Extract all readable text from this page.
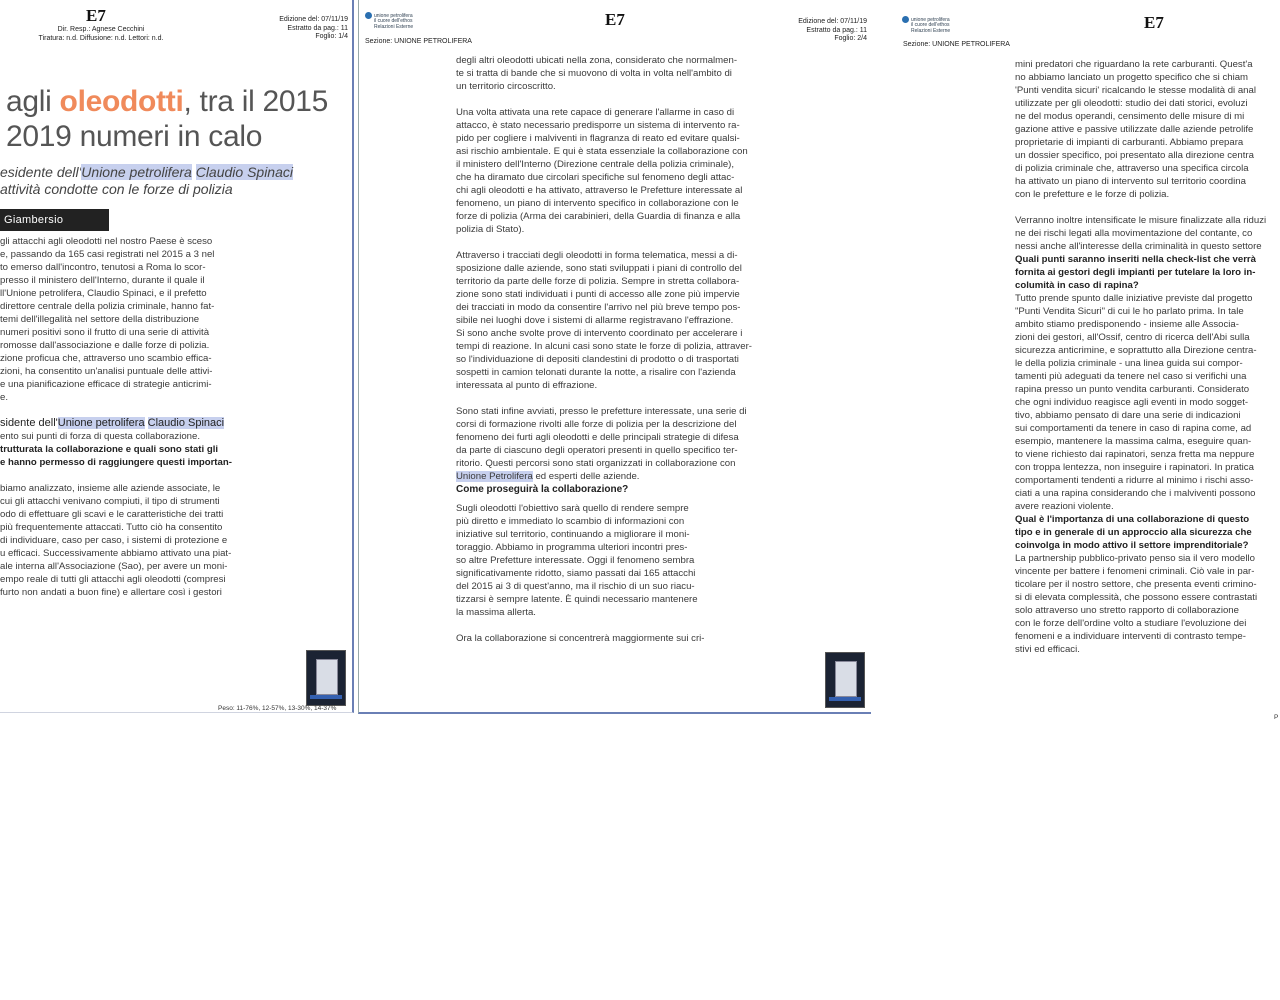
E7
Dir. Resp.: Agnese Cecchini
Tiratura: n.d. Diffusione: n.d. Lettori: n.d.
Edizione del: 07/11/19
Estratto da pag.: 11
Foglio: 1/4
agli oleodotti, tra il 2015
2019 numeri in calo
esidente dell'Unione petrolifera Claudio Spinaci
attività condotte con le forze di polizia
Giambersio
gli attacchi agli oleodotti nel nostro Paese è sceso
e, passando da 165 casi registrati nel 2015 a 3 nel
to emerso dall'incontro, tenutosi a Roma lo scor-
presso il ministero dell'Interno, durante il quale il
ll'Unione petrolifera, Claudio Spinaci, e il prefetto
direttore centrale della polizia criminale, hanno fat-
temi dell'illegalità nel settore della distribuzione
numeri positivi sono il frutto di una serie di attività
romosse dall'associazione e dalle forze di polizia.
zione proficua che, attraverso uno scambio effica-
zioni, ha consentito un'analisi puntuale delle attivi-
e una pianificazione efficace di strategie anticrimi-
e.
sidente dell'Unione petrolifera Claudio Spinaci
ento sui punti di forza di questa collaborazione.
trutturata la collaborazione e quali sono stati gli
e hanno permesso di raggiungere questi importan-
biamo analizzato, insieme alle aziende associate, le
cui gli attacchi venivano compiuti, il tipo di strumenti
odo di effettuare gli scavi e le caratteristiche dei tratti
più frequentemente attaccati. Tutto ciò ha consentito
di individuare, caso per caso, i sistemi di protezione e
u efficaci. Successivamente abbiamo attivato una piat-
ale interna all'Associazione (Sao), per avere un moni-
empo reale di tutti gli attacchi agli oleodotti (compresi
furto non andati a buon fine) e allertare così i gestori
Peso: 11-76%, 12-57%, 13-30%, 14-37%
unione petrolifera
il cuore dell'ethos
Relazioni Esterne
Sezione: UNIONE PETROLIFERA
E7	Edizione del: 07/11/19
Estratto da pag.: 11
Foglio: 2/4
degli altri oleodotti ubicati nella zona, considerato che normalmen-
te si tratta di bande che si muovono di volta in volta nell'ambito di
un territorio circoscritto.
Una volta attivata una rete capace di generare l'allarme in caso di
attacco, è stato necessario predisporre un sistema di intervento ra-
pido per cogliere i malviventi in flagranza di reato ed evitare qualsi-
asi rischio ambientale. E qui è stata essenziale la collaborazione con
il ministero dell'Interno (Direzione centrale della polizia criminale),
che ha diramato due circolari specifiche sul fenomeno degli attac-
chi agli oleodotti e ha attivato, attraverso le Prefetture interessate al
fenomeno, un piano di intervento specifico in collaborazione con le
forze di polizia (Arma dei carabinieri, della Guardia di finanza e alla
polizia di Stato).
Attraverso i tracciati degli oleodotti in forma telematica, messi a di-
sposizione dalle aziende, sono stati sviluppati i piani di controllo del
territorio da parte delle forze di polizia. Sempre in stretta collabora-
zione sono stati individuati i punti di accesso alle zone più impervie
dei tracciati in modo da consentire l'arrivo nel più breve tempo pos-
sibile nei luoghi dove i sistemi di allarme registravano l'effrazione.
Si sono anche svolte prove di intervento coordinato per accelerare i
tempi di reazione. In alcuni casi sono state le forze di polizia, attraver-
so l'individuazione di depositi clandestini di prodotto o di trasportati
sospetti in camion telonati durante la notte, a risalire con l'azienda
interessata al punto di effrazione.
Sono stati infine avviati, presso le prefetture interessate, una serie di
corsi di formazione rivolti alle forze di polizia per la descrizione del
fenomeno dei furti agli oleodotti e delle principali strategie di difesa
da parte di ciascuno degli operatori presenti in quello specifico ter-
ritorio. Questi percorsi sono stati organizzati in collaborazione con
Unione Petrolifera ed esperti delle aziende.
Come proseguirà la collaborazione?
Sugli oleodotti l'obiettivo sarà quello di rendere sempre
più diretto e immediato lo scambio di informazioni con
iniziative sul territorio, continuando a migliorare il moni-
toraggio. Abbiamo in programma ulteriori incontri pres-
so altre Prefetture interessate. Oggi il fenomeno sembra
significativamente ridotto, siamo passati dai 165 attacchi
del 2015 ai 3 di quest'anno, ma il rischio di un suo riacu-
tizzarsi è sempre latente. È quindi necessario mantenere
la massima allerta.
Ora la collaborazione si concentrerà maggiormente sui cri-
unione petrolifera
il cuore dell'ethos
Relazioni Esterne
Sezione: UNIONE PETROLIFERA
E7
mini predatori che riguardano la rete carburanti. Quest'a
no abbiamo lanciato un progetto specifico che si chiam
'Punti vendita sicuri' ricalcando le stesse modalità di anal
utilizzate per gli oleodotti: studio dei dati storici, evoluzi
ne del modus operandi, censimento delle misure di mi
gazione attive e passive utilizzate dalle aziende petrolife
proprietarie di impianti di carburanti. Abbiamo prepara
un dossier specifico, poi presentato alla direzione centra
di polizia criminale che, attraverso una specifica circola
ha attivato un piano di intervento sul territorio coordina
con le prefetture e le forze di polizia.
Verranno inoltre intensificate le misure finalizzate alla riduzi
ne dei rischi legati alla movimentazione del contante, co
nessi anche all'interesse della criminalità in questo settore
Quali punti saranno inseriti nella check-list che verrà
fornita ai gestori degli impianti per tutelare la loro in-
columità in caso di rapina?
Tutto prende spunto dalle iniziative previste dal progetto
"Punti Vendita Sicuri" di cui le ho parlato prima. In tale
ambito stiamo predisponendo - insieme alle Associa-
zioni dei gestori, all'Ossif, centro di ricerca dell'Abi sulla
sicurezza anticrimine, e soprattutto alla Direzione centra-
le della polizia criminale - una linea guida sui compor-
tamenti più adeguati da tenere nel caso si verifichi una
rapina presso un punto vendita carburanti. Considerato
che ogni individuo reagisce agli eventi in modo sogget-
tivo, abbiamo pensato di dare una serie di indicazioni
sui comportamenti da tenere in caso di rapina come, ad
esempio, mantenere la massima calma, eseguire quan-
to viene richiesto dai rapinatori, senza fretta ma neppure
con troppa lentezza, non inseguire i rapinatori. In pratica
comportamenti tendenti a ridurre al minimo i rischi asso-
ciati a una rapina considerando che i malviventi possono
avere reazioni violente.
Qual è l'importanza di una collaborazione di questo
tipo e in generale di un approccio alla sicurezza che
coinvolga in modo attivo il settore imprenditoriale?
La partnership pubblico-privato penso sia il vero modello
vincente per battere i fenomeni criminali. Ciò vale in par-
ticolare per il nostro settore, che presenta eventi crimino-
si di elevata complessità, che possono essere contrastati
solo attraverso uno stretto rapporto di collaborazione
con le forze dell'ordine volto a studiare l'evoluzione dei
fenomeni e a individuare interventi di contrasto tempe-
stivi ed efficaci.
P
